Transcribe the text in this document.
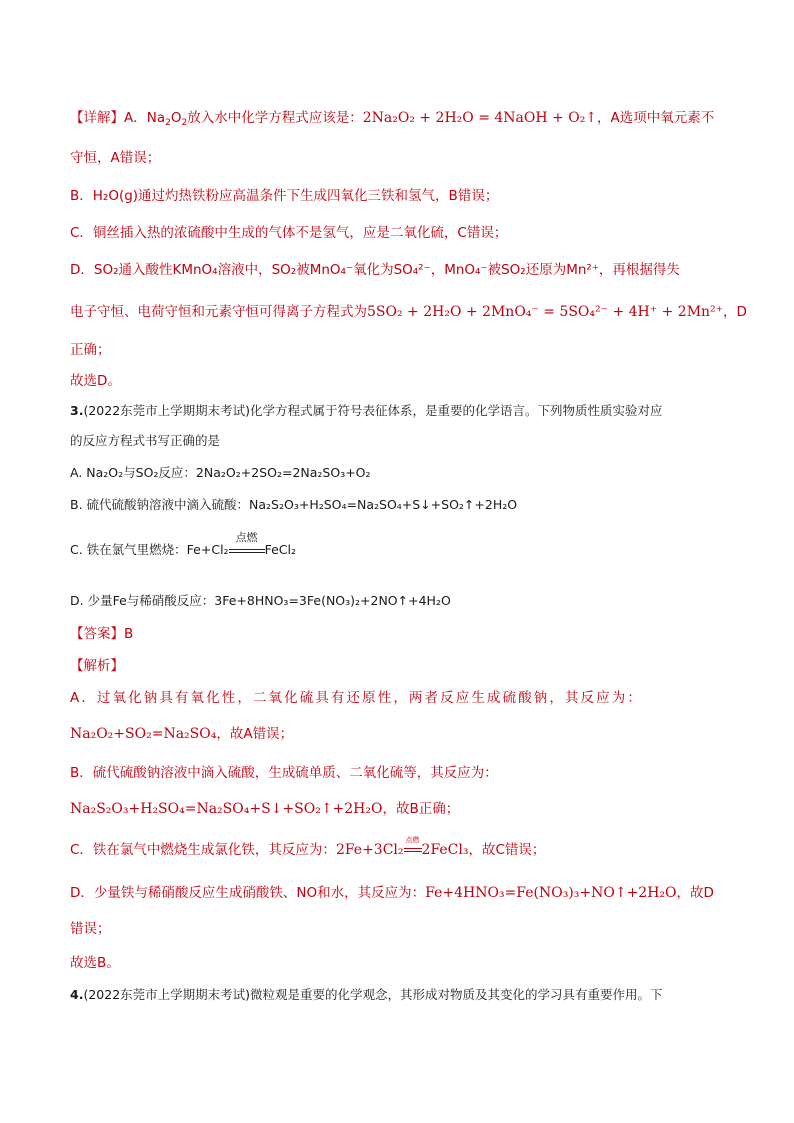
【详解】A．$Na_2O_2$放入水中化学方程式应该是：2Na₂O₂ + 2H₂O = 4NaOH + O₂↑，A选项中氧元素不
守恒，A错误；
B．H₂O(g)通过灼热铁粉应高温条件下生成四氧化三铁和氢气，B错误；
C．铜丝插入热的浓硫酸中生成的气体不是氢气，应是二氧化硫，C错误；
D．SO₂通入酸性KMnO₄溶液中，SO₂被MnO₄⁻氧化为SO₄²⁻，MnO₄⁻被SO₂还原为Mn²⁺，再根据得失
电子守恒、电荷守恒和元素守恒可得离子方程式为5SO₂ + 2H₂O + 2MnO₄⁻ = 5SO₄²⁻ + 4H⁺ + 2Mn²⁺，D
正确；
故选D。
3.(2022东莞市上学期期末考试)化学方程式属于符号表征体系，是重要的化学语言。下列物质性质实验对应
的反应方程式书写正确的是
A. Na₂O₂与SO₂反应：2Na₂O₂+2SO₂=2Na₂SO₃+O₂
B. 硫代硫酸钠溶液中滴入硫酸：Na₂S₂O₃+H₂SO₄=Na₂SO₄+S↓+SO₂↑+2H₂O
C. 铁在氯气里燃烧：Fe+Cl₂
点燃
FeCl₂
D. 少量Fe与稀硝酸反应：3Fe+8HNO₃=3Fe(NO₃)₂+2NO↑+4H₂O
【答案】B
【解析】
A．过氧化钠具有氧化性，二氧化硫具有还原性，两者反应生成硫酸钠，其反应为：
Na₂O₂+SO₂=Na₂SO₄，故A错误；
B．硫代硫酸钠溶液中滴入硫酸，生成硫单质、二氧化硫等，其反应为：
Na₂S₂O₃+H₂SO₄=Na₂SO₄+S↓+SO₂↑+2H₂O，故B正确；
C．铁在氯气中燃烧生成氯化铁，其反应为：2Fe+3Cl₂
点燃
2FeCl₃，故C错误；
D．少量铁与稀硝酸反应生成硝酸铁、NO和水，其反应为：Fe+4HNO₃=Fe(NO₃)₃+NO↑+2H₂O，故D
错误；
故选B。
4.(2022东莞市上学期期末考试)微粒观是重要的化学观念，其形成对物质及其变化的学习具有重要作用。下
